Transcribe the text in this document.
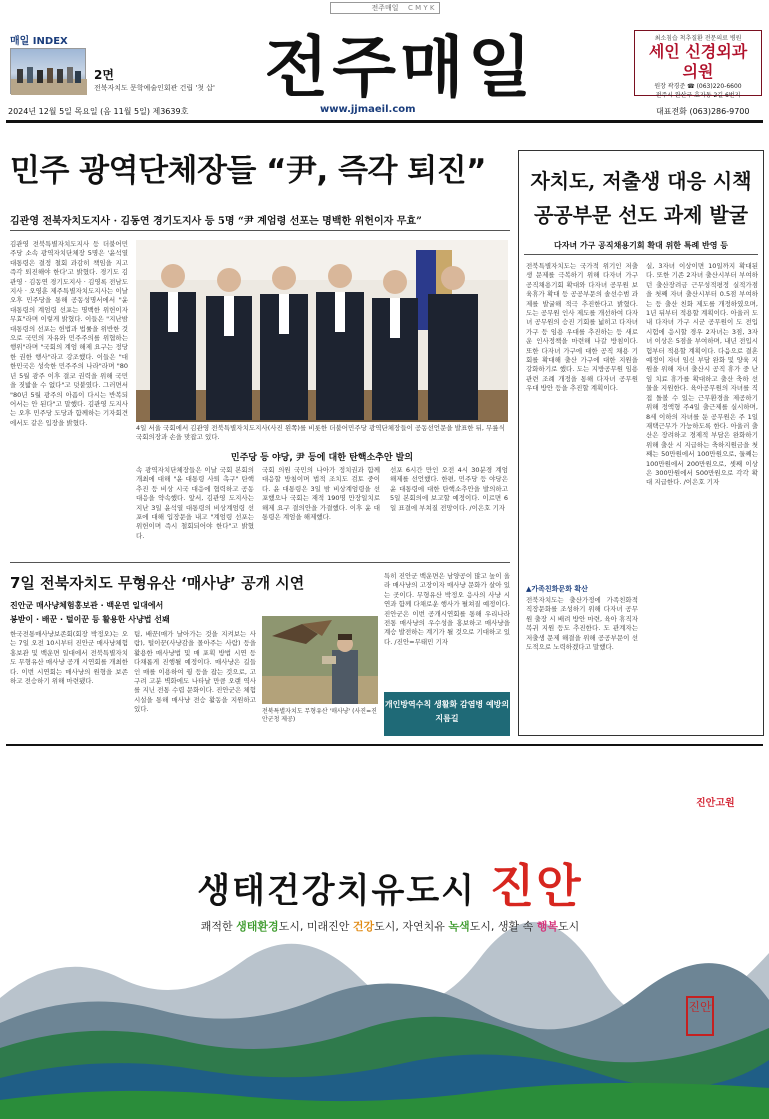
전주매일	C M Y K
매일 INDEX
2면
전북자치도 문학예술인회관 건립 '첫 삽' 전주매일	최소침습 척추질환 전문의료 병원
세인 신경외과 의원
원장 곽경준 ☎ (063)220-6600
전주시 완산구 효자동 2길 6번지
2024년 12월 5일 목요일 (음 11월 5일) 제3639호	www.jjmaeil.com	대표전화 (063)286-9700
민주 광역단체장들 “尹, 즉각 퇴진”
김관영 전북자치도지사 · 김동연 경기도지사 등 5명 “尹 계엄령 선포는 명백한 위헌이자 무효”
김관영 전북특별자치도지사 등 더불어민주당 소속 광역자치단체장 5명은 '윤석열 대통령은 결정 철회 과감히 책임을 지고 즉각 퇴진해야 한다'고 밝혔다. 경기도 김관영 · 김동연 경기도지사 · 김영록 전남도지사 · 오영훈 제주특별자치도지사는 이날 오후 민주당을 통해 공동성명서에서 "윤 대통령의 계엄령 선포는 명백한 위헌이자 무효"라며 이렇게 밝혔다. 이들은 "지난밤 대통령의 선포는 헌법과 법률을 위반한 것으로 국민의 자유와 민주주의를 위협하는 행위"라며 "국회의 계엄 해제 요구는 정당한 권한 행사"라고 강조했다. 이들은 "대한민국은 성숙한 민주주의 나라"라며 "80년 5월 광주 이후 결코 권력을 위해 국민을 짓밟을 수 없다"고 덧붙였다. 그러면서 "80년 5월 광주의 아픔이 다시는 반복되어서는 안 된다"고 말했다. 김관영 도지사는 오후 민주당 도당과 함께하는 기자회견에서도 같은 입장을 밝혔다.
4일 서울 국회에서 김관영 전북특별자치도지사(사진 왼쪽)를 비롯한 더불어민주당 광역단체장들이 공동선언문을 발표한 뒤, 무릎식 국회의장과 손을 맞잡고 있다.
민주당 등 야당, 尹 등에 대한 탄핵소추안 발의
속 광역자치단체장들은 이날 국회 본회의 개최에 대해 "윤 대통령 사퇴 촉구" 탄핵 추진 등 비상 시국 대응에 협력하고 공동대응을 약속했다. 앞서, 김관영 도지사는 지난 3일 윤석열 대통령의 비상계엄령 선포에 대해 입장문을 내고 "계엄령 선포는 위헌이며 즉시 철회되어야 한다"고 밝혔다.
국회 의원 국민의 나아가 정치권과 함께 대응할 방침이며 법적 조치도 검토 중이다. 윤 대통령은 3일 밤 비상계엄령을 선포했으나 국회는 재적 190명 만장일치로 해제 요구 결의안을 가결했다. 이후 윤 대통령은 계엄을 해제했다.
선포 6시간 만인 오전 4시 30분경 계엄 해제를 선언했다. 한편, 민주당 등 야당은 윤 대통령에 대한 탄핵소추안을 발의하고 5일 본회의에 보고할 예정이다. 이르면 6일 표결에 부쳐질 전망이다. /이은호 기자
자치도, 저출생 대응 시책
공공부문 선도 과제 발굴
다자녀 가구 공직채용기회 확대 위한 특례 반영 등
전북특별자치도는 국가적 위기인 저출생 문제를 극복하기 위해 다자녀 가구 공직채용기회 확대와 다자녀 공무원 보육휴가 확대 등 공공부문의 솔선수범 과제를 발굴해 적극 추진한다고 밝혔다. 도는 공무원 인사 제도를 개선하여 다자녀 공무원의 승진 기회를 넓히고 다자녀 가구 등 임용 우대를 추진하는 등 새로운 인사정책을 마련해 나갈 방침이다. 또한 다자녀 가구에 대한 공직 채용 기회를 확대해 출산 가구에 대한 지원을 강화하기로 했다. 도는 지방공무원 임용 관련 조례 개정을 통해 다자녀 공무원 우대 방안 등을 추진할 계획이다.
▲가족친화문화 확산
전북자치도는 출산가정에 가족친화적 직장문화를 조성하기 위해 다자녀 공무원 출장 시 배려 방안 마련, 육아 휴직자 복귀 지원 등도 추진한다. 도 관계자는 저출생 문제 해결을 위해 공공부문이 선도적으로 노력하겠다고 말했다.
실, 3자녀 이상이면 10일까지 확대된다. 또한 기존 2자녀 출산시부터 부여하던 출산장려금 근무성적평정 실적가점을 첫째 자녀 출산시부터 0.5점 부여하는 등 출산 친화 제도를 개정하였으며, 1년 뒤부터 적용할 계획이다. 아울러 도내 다자녀 가구 시군 공무원이 도 전입시험에 응시할 경우 2자녀는 3점, 3자녀 이상은 5점을 부여하며, 내년 전입시험부터 적용할 계획이다. 다음으로 결혼 예정이 자녀 임신 부담 완화 및 양육 지원을 위해 자녀 출산시 공직 휴가 중 난임 치료 휴가를 확대하고 출산 축하 선물을 지원한다. 육아공무원의 자녀를 직접 돌볼 수 있는 근무환경을 제공하기 위해 정액형 주4일 출근제를 실시하며, 8세 이하의 자녀를 둔 공무원은 주 1일 재택근무가 가능하도록 한다. 아울러 출산은 장려하고 경제적 부담은 완화하기 위해 출산 시 지급하는 축하지원금을 첫째는 50만원에서 100만원으로, 둘째는 100만원에서 200만원으로, 셋째 이상은 300만원에서 500만원으로 각각 확대 지급한다. /이은호 기자
7일 전북자치도 무형유산 ‘매사냥’ 공개 시연
진안군 매사냥체험홍보관 · 백운면 일대에서
봉받이 · 배꾼 · 털이꾼 등 활용한 사냥법 선봬
한국전통매사냥보존회(회장 박정오)는 오는 7일 오전 10시부터 진안군 매사냥체험홍보관 및 백운면 일대에서 전북특별자치도 무형유산 매사냥 공개 시연회를 개최한다. 이번 시연회는 매사냥의 원형을 보존하고 전승하기 위해 마련됐다.
팀, 배꾼(매가 날아가는 것을 지켜보는 사람), 털이꾼(사냥감을 몰아주는 사람) 등을 활용한 매사냥법 및 매 포획 방법 시연 등 다채롭게 진행될 예정이다. 매사냥은 길들인 매를 이용하여 꿩 등을 잡는 것으로, 고구려 고분 벽화에도 나타날 만큼 오랜 역사를 지닌 전통 수렵 문화이다. 진안군은 체험 시설을 통해 매사냥 전승 활동을 지원하고 있다.	전북특별자치도 무형유산 '매사냥' (사진=진안군청 제공)
특히 진안군 백운면은 남양공이 많고 높이 올라 매사냥의 고장이자 매사냥 문화가 살아 있는 곳이다. 무형유산 박정오 응사의 사냥 시연과 함께 다채로운 행사가 펼쳐질 예정이다. 진안군은 이번 공개시연회를 통해 우리나라 전통 매사냥의 우수성을 홍보하고 매사냥을 계승 발전하는 계기가 될 것으로 기대하고 있다. /진안=무태민 기자
개인방역수칙 생활화 감염병 예방의 지름길
진안고원
생태건강치유도시 진안
쾌적한 생태환경도시, 미래진안 건강도시, 자연치유 녹색도시, 생활 속 행복도시
진안
